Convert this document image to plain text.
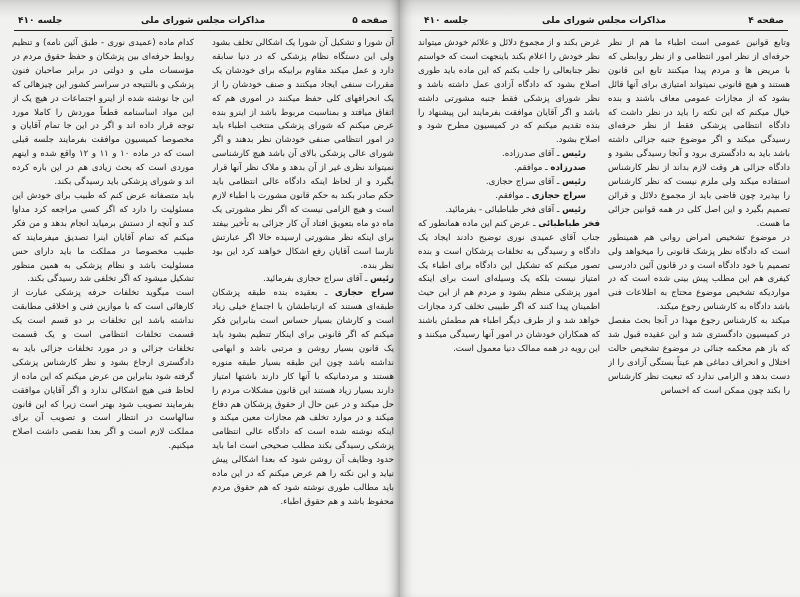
صفحه ۵
مذاکرات مجلس شورای ملی
جلسه ۴۱۰

آن شورا و تشکیل آن شورا یک اشکالی تخلف بشود ولی این دستگاه نظام پزشکی که در دنیا سابقه دارد و عمل میکند مقاوم برابیکه برای خودشان یک مقررات سنفی ایجاد میکنند و صنف خودشان را از یک انحرافهای کلی حفظ میکنند در اموری هم که اتفاق میافتد و بمناسبت مربوط باشد از اینرو بنده عرض میکنم که شورای پزشکی منتخب اطباء باید در امور انتظامی صنفی خودشان نظر بدهند و اگر شورای عالی پزشکی بالای آن باشد هیچ کارشناسی نمیتواند نظری غیر از آن بدهد و ملاک نظر آنها قرار بگیرد و از لحاظ اینکه دادگاه عالی انتظامی باید حکم صادر بکند به حکم قانون مشورت با اطباء لازم است و هیچ الزامی نیست که اگر نظر مشورتی یک ماه دو ماه بتعویق افتاد آن کار جزائی به تأخیر بیفتد برای اینکه نظر مشورتی ارسیده حالا اگر عبارتش نارسا است آقایان رفع اشکال خواهند کرد این بود نظر بنده.

رئیس ـ آقای سراج حجازی بفرمائید.

سراج حجازی ـ بعقیده بنده طبقه پزشکان طبقه‌ای هستند که ارتباطشان با اجتماع خیلی زیاد است و کارشان بسیار حساس است بنابراین فکر میکنم که اگر قانونی برای اینکار تنظیم بشود باید یک قانون بسیار روشن و مرتبی باشد و ابهامی نداشته باشد چون این طبقه بسیار طبقه منوره هستند و مردمانیکه با آنها کار دارند باشتها امتیاز دارند بسیار زیاد هستند این قانون مشکلات مردم را حل میکند و در عین حال از حقوق پزشکان هم دفاع میکند و در موارد تخلف هم مجازات معین میکند و اینکه نوشته شده است که دادگاه عالی انتظامی پزشکی رسیدگی بکند مطلب صحیحی است اما باید حدود وظایف آن روشن شود که بعدا اشکالی پیش نیاید و این نکته را هم عرض میکنم که در این ماده باید مطالب طوری نوشته شود که هم حقوق مردم محفوظ باشد و هم حقوق اطباء.

کدام ماده (عمیدی نوری - طبق آئین نامه) و تنظیم روابط حرفه‌ای بین پزشکان و حفظ حقوق مردم در مؤسسات ملی و دولتی در برابر صاحبان فنون پزشکی و بالنتیجه در سراسر کشور این چیزهائی که این جا نوشته شده از اینرو اجتماعات در هیچ یک از این مواد اساسنامه قطعاً موردش را کاملا مورد توجه قرار داده اند و اگر در این جا تمام آقایان و مخصوصا کمیسیون موافقت بفرمایند جلسه قبلی است که در ماده ۱۰ و ۱۱ و ۱۲ واقع شده و اینهم موردی است که بحث زیادی هم در این باره کرده اند و شورای پزشکی باید رسیدگی بکند.

باید متصفانه عرض کنم که طبیب برای خودش این مسئولیت را دارد که اگر کسی مراجعه کرد مداوا کند و آنچه از دستش برمیاید انجام بدهد و من فکر میکنم که تمام آقایان اینرا تصدیق میفرمایند که طبیب مخصوصا در مملکت ما باید دارای حس مسئولیت باشد و نظام پزشکی به همین منظور تشکیل میشود که اگر تخلفی شد رسیدگی بکند.

است میگوید تخلفات حرفه پزشکی عبارت از کارهائی است که با موازین فنی و اخلاقی مطابقت نداشته باشد این تخلفات بر دو قسم است یک قسمت تخلفات انتظامی است و یک قسمت تخلفات جزائی و در مورد تخلفات جزائی باید به دادگستری ارجاع بشود و نظر کارشناس پزشکی گرفته شود بنابراین من عرض میکنم که این ماده از لحاظ فنی هیچ اشکالی ندارد و اگر آقایان موافقت بفرمایند تصویب شود بهتر است زیرا که این قانون سالهاست در انتظار است و تصویب آن برای مملکت لازم است و اگر بعدا نقصی داشت اصلاح میکنیم.

صفحه ۴
مذاکرات مجلس شورای ملی
جلسه ۴۱۰

وتابع قوانین عمومی است اطباء ما هم از نظر حرفه‌ای از نظر امور انتظامی و از نظر روابطی که با مریض ها و مردم پیدا میکنند تابع این قانون هستند و هیچ قانونی نمیتواند امتیازی برای آنها قائل بشود که از مجازات عمومی معاف باشند و بنده خیال میکنم که این نکته را باید در نظر داشت که دادگاه انتظامی پزشکی فقط از نظر حرفه‌ای رسیدگی میکند و اگر موضوع جنبه جزائی داشته باشد باید به دادگستری برود و آنجا رسیدگی بشود و دادگاه جزائی هر وقت لازم بداند از نظر کارشناس استفاده میکند ولی ملزم نیست که نظر کارشناس را بپذیرد چون قاضی باید از مجموع دلائل و قرائن تصمیم بگیرد و این اصل کلی در همه قوانین جزائی ما هست.

در موضوع تشخیص امراض روانی هم همینطور است که دادگاه نظر پزشک قانونی را میخواهد ولی تصمیم با خود دادگاه است و در قانون آئین دادرسی کیفری هم این مطلب پیش بینی شده است که در مواردیکه تشخیص موضوع محتاج به اطلاعات فنی باشد دادگاه به کارشناس رجوع میکند.

میکند به کارشناس رجوع مهذا در آنجا بحث مفصل در کمیسیون دادگستری شد و این عقیده قبول شد که باز هم محکمه جنائی در موضوع تشخیص حالت اختلال و انحراف دماغی هم عیناً بستگی آزادی را از دست بدهد و الزامی ندارد که تبعیت نظر کارشناس را بکند چون ممکن است که احساس

غرض بکند و از مجموع دلائل و علائم خودش میتواند نظر خودش را اعلام بکند باینجهت است که خواستم نظر جنابعالی را جلب بکنم که این ماده باید طوری اصلاح بشود که دادگاه آزادی عمل داشته باشد و نظر شورای پزشکی فقط جنبه مشورتی داشته باشد و اگر آقایان موافقت بفرمایند این پیشنهاد را بنده تقدیم میکنم که در کمیسیون مطرح شود و اصلاح بشود.

رئیس ـ آقای صدرزاده.

صدرزاده ـ موافقم.

رئیس ـ آقای سراج حجازی.

سراج حجازی ـ موافقم.

رئیس ـ آقای فخر طباطبائی - بفرمائید.

فخر طباطبائی ـ عرض کنم این ماده همانطور که جناب آقای عمیدی نوری توضیح دادند ایجاد یک دادگاه و رسیدگی به تخلفات پزشکان است و بنده تصور میکنم که تشکیل این دادگاه برای اطباء یک امتیاز نیست بلکه یک وسیله‌ای است برای اینکه امور پزشکی منظم بشود و مردم هم از این حیث اطمینان پیدا کنند که اگر طبیبی تخلف کرد مجازات خواهد شد و از طرف دیگر اطباء هم مطمئن باشند که همکاران خودشان در امور آنها رسیدگی میکنند و این رویه در همه ممالک دنیا معمول است.
